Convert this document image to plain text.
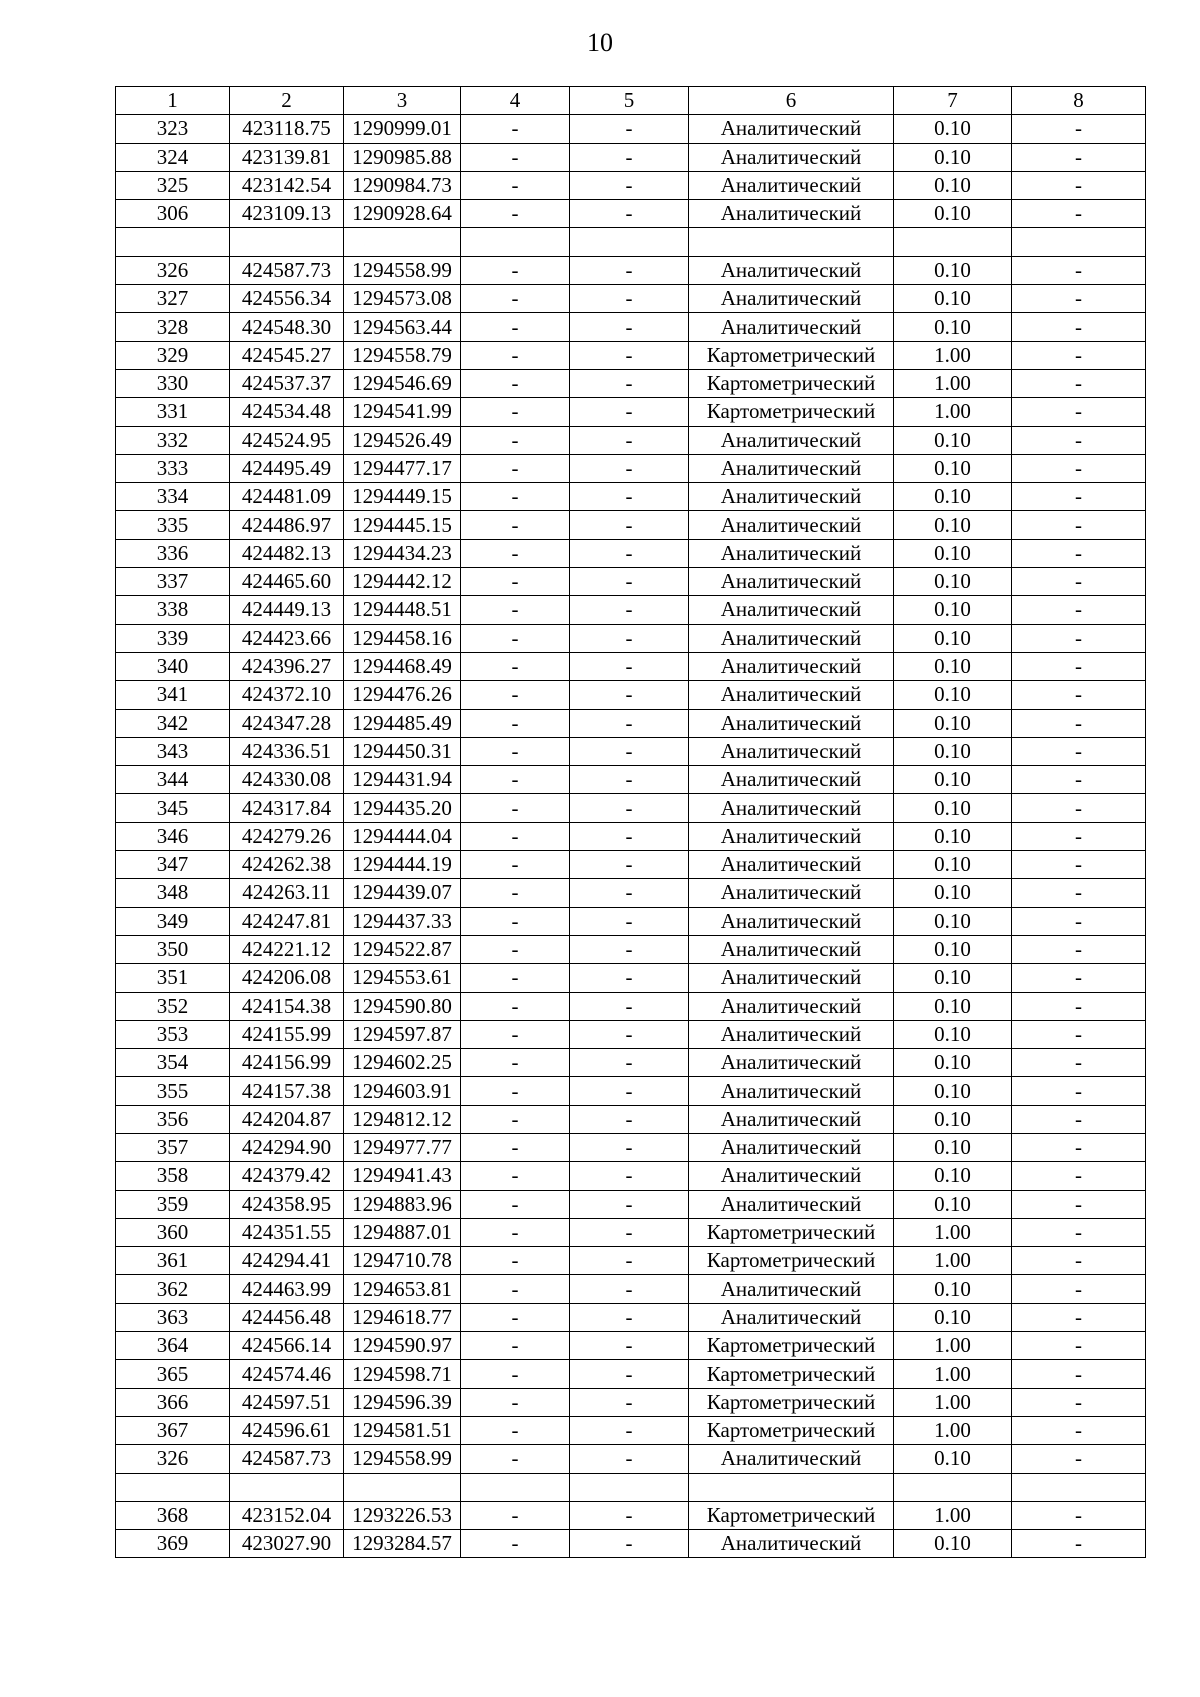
10
1	2	3	4	5	6	7	8
323	423118.75	1290999.01	-	-	Аналитический	0.10	-
324	423139.81	1290985.88	-	-	Аналитический	0.10	-
325	423142.54	1290984.73	-	-	Аналитический	0.10	-
306	423109.13	1290928.64	-	-	Аналитический	0.10	-

326	424587.73	1294558.99	-	-	Аналитический	0.10	-
327	424556.34	1294573.08	-	-	Аналитический	0.10	-
328	424548.30	1294563.44	-	-	Аналитический	0.10	-
329	424545.27	1294558.79	-	-	Картометрический	1.00	-
330	424537.37	1294546.69	-	-	Картометрический	1.00	-
331	424534.48	1294541.99	-	-	Картометрический	1.00	-
332	424524.95	1294526.49	-	-	Аналитический	0.10	-
333	424495.49	1294477.17	-	-	Аналитический	0.10	-
334	424481.09	1294449.15	-	-	Аналитический	0.10	-
335	424486.97	1294445.15	-	-	Аналитический	0.10	-
336	424482.13	1294434.23	-	-	Аналитический	0.10	-
337	424465.60	1294442.12	-	-	Аналитический	0.10	-
338	424449.13	1294448.51	-	-	Аналитический	0.10	-
339	424423.66	1294458.16	-	-	Аналитический	0.10	-
340	424396.27	1294468.49	-	-	Аналитический	0.10	-
341	424372.10	1294476.26	-	-	Аналитический	0.10	-
342	424347.28	1294485.49	-	-	Аналитический	0.10	-
343	424336.51	1294450.31	-	-	Аналитический	0.10	-
344	424330.08	1294431.94	-	-	Аналитический	0.10	-
345	424317.84	1294435.20	-	-	Аналитический	0.10	-
346	424279.26	1294444.04	-	-	Аналитический	0.10	-
347	424262.38	1294444.19	-	-	Аналитический	0.10	-
348	424263.11	1294439.07	-	-	Аналитический	0.10	-
349	424247.81	1294437.33	-	-	Аналитический	0.10	-
350	424221.12	1294522.87	-	-	Аналитический	0.10	-
351	424206.08	1294553.61	-	-	Аналитический	0.10	-
352	424154.38	1294590.80	-	-	Аналитический	0.10	-
353	424155.99	1294597.87	-	-	Аналитический	0.10	-
354	424156.99	1294602.25	-	-	Аналитический	0.10	-
355	424157.38	1294603.91	-	-	Аналитический	0.10	-
356	424204.87	1294812.12	-	-	Аналитический	0.10	-
357	424294.90	1294977.77	-	-	Аналитический	0.10	-
358	424379.42	1294941.43	-	-	Аналитический	0.10	-
359	424358.95	1294883.96	-	-	Аналитический	0.10	-
360	424351.55	1294887.01	-	-	Картометрический	1.00	-
361	424294.41	1294710.78	-	-	Картометрический	1.00	-
362	424463.99	1294653.81	-	-	Аналитический	0.10	-
363	424456.48	1294618.77	-	-	Аналитический	0.10	-
364	424566.14	1294590.97	-	-	Картометрический	1.00	-
365	424574.46	1294598.71	-	-	Картометрический	1.00	-
366	424597.51	1294596.39	-	-	Картометрический	1.00	-
367	424596.61	1294581.51	-	-	Картометрический	1.00	-
326	424587.73	1294558.99	-	-	Аналитический	0.10	-

368	423152.04	1293226.53	-	-	Картометрический	1.00	-
369	423027.90	1293284.57	-	-	Аналитический	0.10	-
